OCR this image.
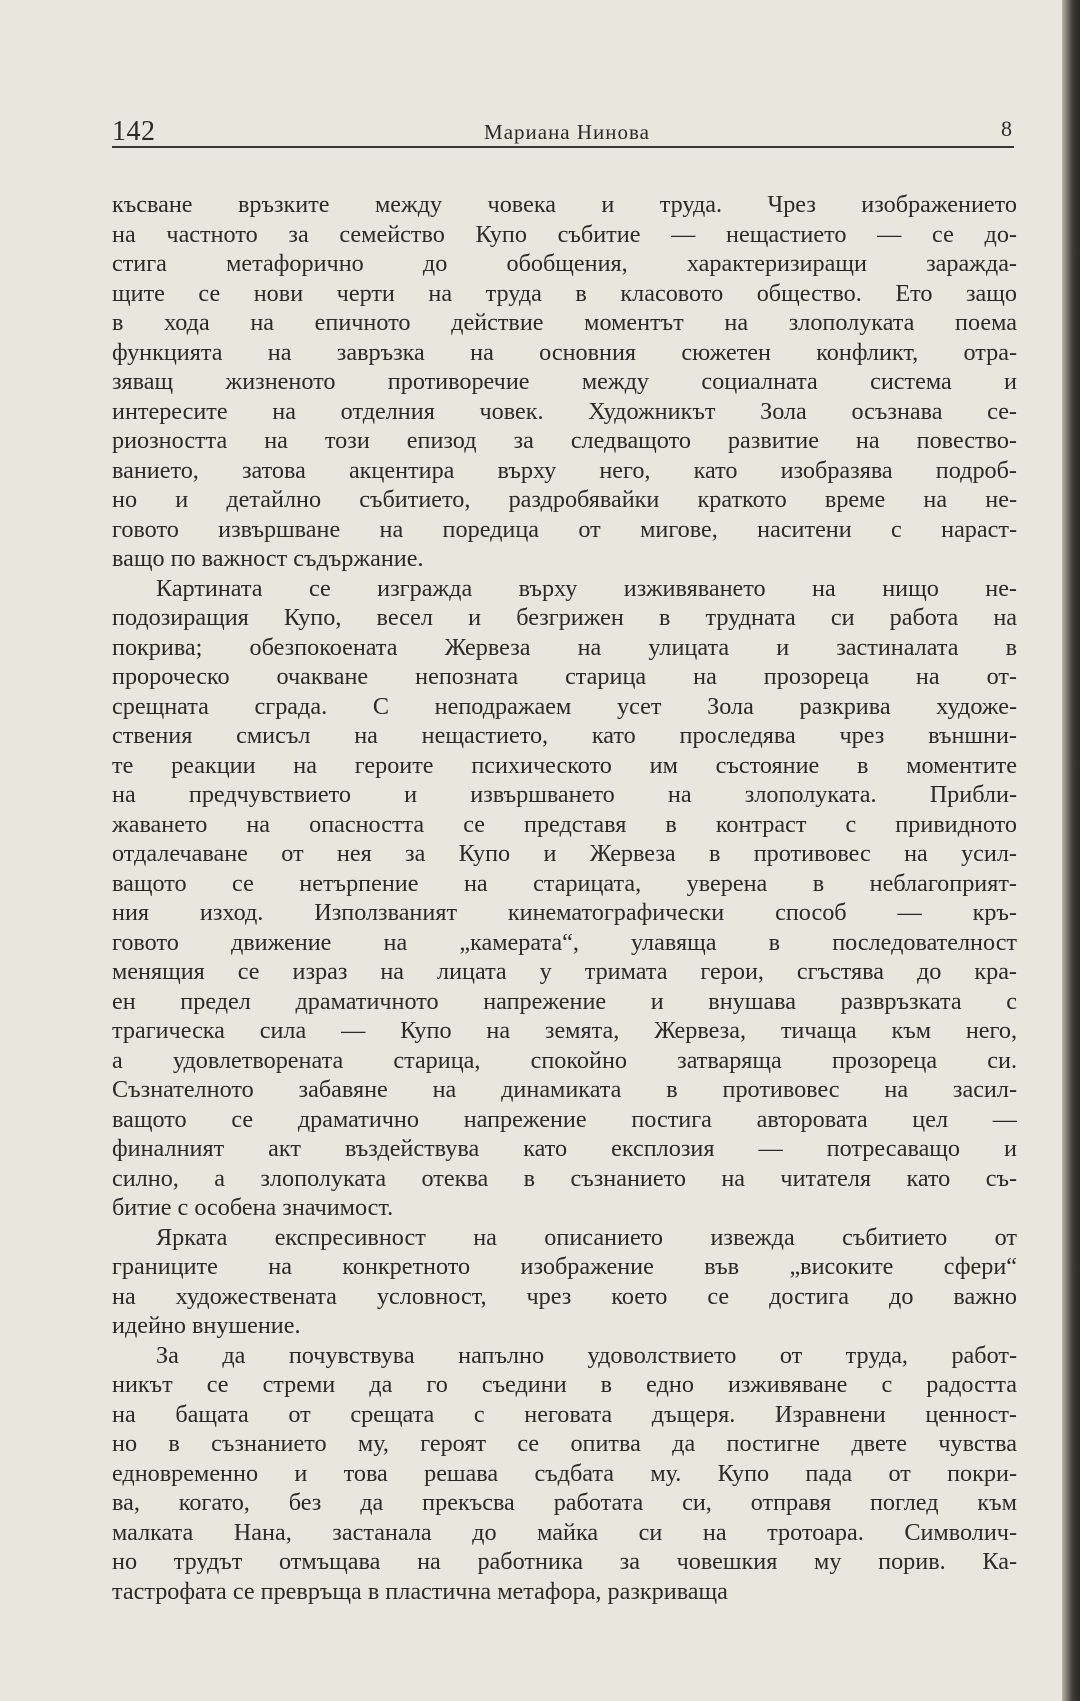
142	Мариана Нинова	8
късване връзките между човека и труда. Чрез изображението
на частното за семейство Купо събитие — нещастието — се до-
стига метафорично до обобщения, характеризиращи заражда-
щите се нови черти на труда в класовото общество. Ето защо
в хода на епичното действие моментът на злополуката поема
функцията на завръзка на основния сюжетен конфликт, отра-
зяващ жизненото противоречие между социалната система и
интересите на отделния човек. Художникът Зола осъзнава се-
риозността на този епизод за следващото развитие на повество-
ванието, затова акцентира върху него, като изобразява подроб-
но и детайлно събитието, раздробявайки краткото време на не-
говото извършване на поредица от мигове, наситени с нараст-
ващо по важност съдържание.
Картината се изгражда върху изживяването на нищо не-
подозиращия Купо, весел и безгрижен в трудната си работа на
покрива; обезпокоената Жервеза на улицата и застиналата в
пророческо очакване непозната старица на прозореца на от-
срещната сграда. С неподражаем усет Зола разкрива художе-
ствения смисъл на нещастието, като проследява чрез външни-
те реакции на героите психическото им състояние в моментите
на предчувствието и извършването на злополуката. Прибли-
жаването на опасността се представя в контраст с привидното
отдалечаване от нея за Купо и Жервеза в противовес на усил-
ващото се нетърпение на старицата, уверена в неблагоприят-
ния изход. Използваният кинематографически способ — кръ-
говото движение на „камерата“, улавяща в последователност
менящия се израз на лицата у тримата герои, сгъстява до кра-
ен предел драматичното напрежение и внушава развръзката с
трагическа сила — Купо на земята, Жервеза, тичаща към него,
а удовлетворената старица, спокойно затваряща прозореца си.
Съзнателното забавяне на динамиката в противовес на засил-
ващото се драматично напрежение постига авторовата цел —
финалният акт въздействува като експлозия — потресаващо и
силно, а злополуката отеква в съзнанието на читателя като съ-
битие с особена значимост.
Ярката експресивност на описанието извежда събитието от
границите на конкретното изображение във „високите сфери“
на художествената условност, чрез което се достига до важно
идейно внушение.
За да почувствува напълно удоволствието от труда, работ-
никът се стреми да го съедини в едно изживяване с радостта
на бащата от срещата с неговата дъщеря. Изравнени ценност-
но в съзнанието му, героят се опитва да постигне двете чувства
едновременно и това решава съдбата му. Купо пада от покри-
ва, когато, без да прекъсва работата си, отправя поглед към
малката Нана, застанала до майка си на тротоара. Символич-
но трудът отмъщава на работника за човешкия му порив. Ка-
тастрофата се превръща в пластична метафора, разкриваща
